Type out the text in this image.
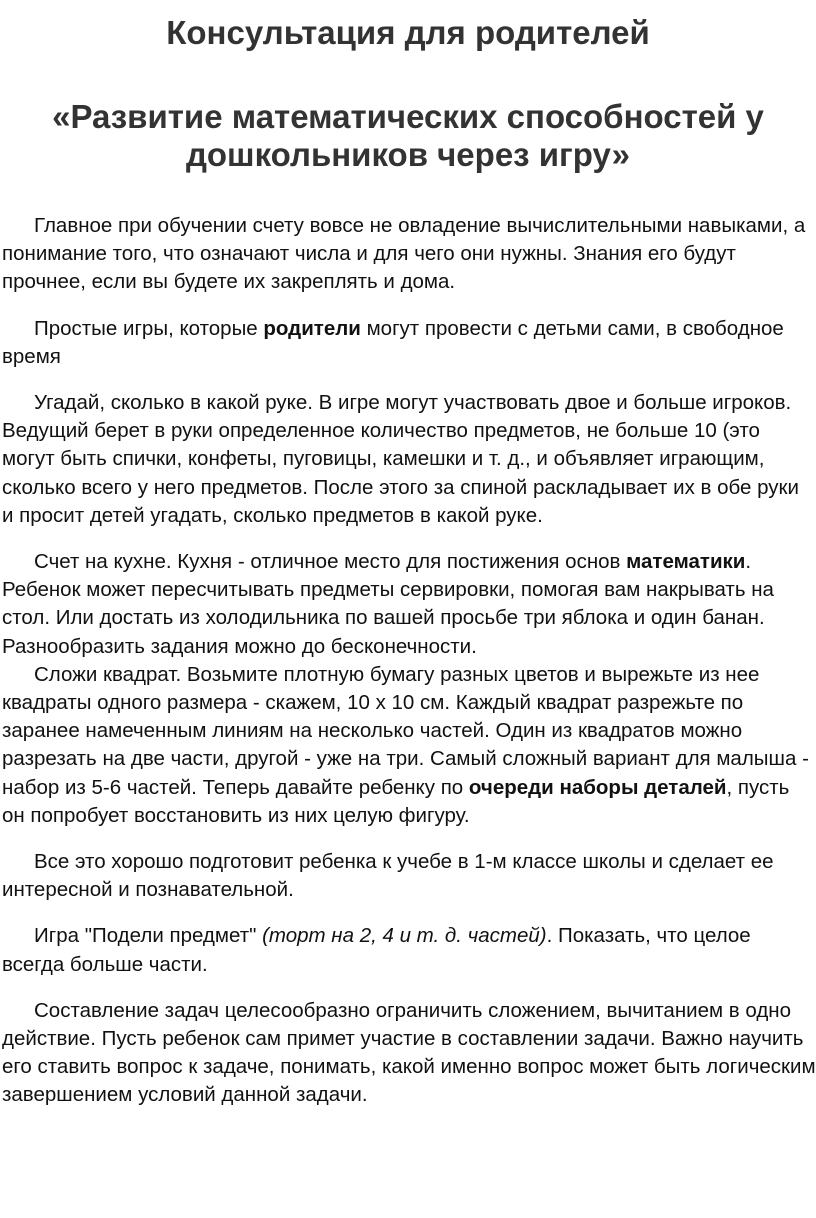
Консультация для родителей
«Развитие математических способностей у дошкольников через игру»

Главное при обучении счету вовсе не овладение вычислительными навыками, а понимание того, что означают числа и для чего они нужны. Знания его будут прочнее, если вы будете их закреплять и дома.

Простые игры, которые родители могут провести с детьми сами, в свободное время

Угадай, сколько в какой руке. В игре могут участвовать двое и больше игроков. Ведущий берет в руки определенное количество предметов, не больше 10 (это могут быть спички, конфеты, пуговицы, камешки и т. д., и объявляет играющим, сколько всего у него предметов. После этого за спиной раскладывает их в обе руки и просит детей угадать, сколько предметов в какой руке.

Счет на кухне. Кухня - отличное место для постижения основ математики. Ребенок может пересчитывать предметы сервировки, помогая вам накрывать на стол. Или достать из холодильника по вашей просьбе три яблока и один банан. Разнообразить задания можно до бесконечности.

Сложи квадрат. Возьмите плотную бумагу разных цветов и вырежьте из нее квадраты одного размера - скажем, 10 х 10 см. Каждый квадрат разрежьте по заранее намеченным линиям на несколько частей. Один из квадратов можно разрезать на две части, другой - уже на три. Самый сложный вариант для малыша - набор из 5-6 частей. Теперь давайте ребенку по очереди наборы деталей, пусть он попробует восстановить из них целую фигуру.

Все это хорошо подготовит ребенка к учебе в 1-м классе школы и сделает ее интересной и познавательной.

Игра "Подели предмет" (торт на 2, 4 и т. д. частей). Показать, что целое всегда больше части.

Составление задач целесообразно ограничить сложением, вычитанием в одно действие. Пусть ребенок сам примет участие в составлении задачи. Важно научить его ставить вопрос к задаче, понимать, какой именно вопрос может быть логическим завершением условий данной задачи.
